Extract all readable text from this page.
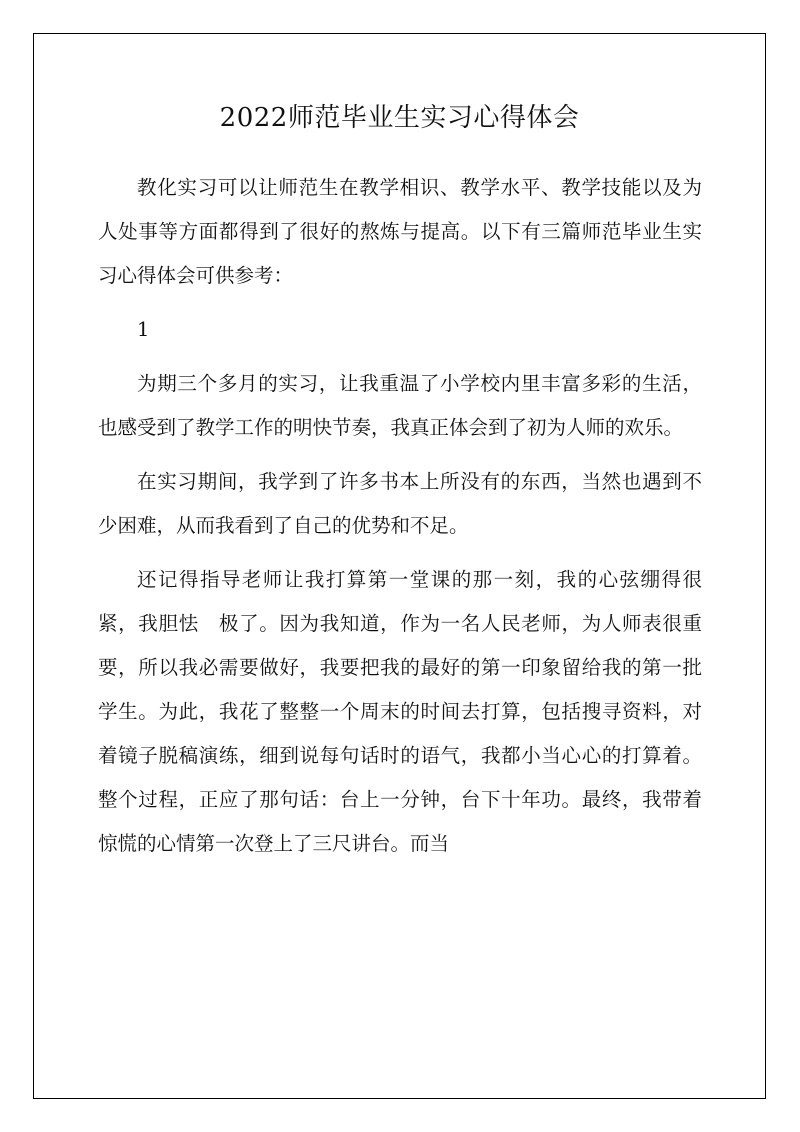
2022师范毕业生实习心得体会

教化实习可以让师范生在教学相识、教学水平、教学技能以及为人处事等方面都得到了很好的熬炼与提高。以下有三篇师范毕业生实习心得体会可供参考：

1

为期三个多月的实习，让我重温了小学校内里丰富多彩的生活，也感受到了教学工作的明快节奏，我真正体会到了初为人师的欢乐。

在实习期间，我学到了许多书本上所没有的东西，当然也遇到不少困难，从而我看到了自己的优势和不足。

还记得指导老师让我打算第一堂课的那一刻，我的心弦绷得很紧，我胆怯　极了。因为我知道，作为一名人民老师，为人师表很重要，所以我必需要做好，我要把我的最好的第一印象留给我的第一批学生。为此，我花了整整一个周末的时间去打算，包括搜寻资料，对着镜子脱稿演练，细到说每句话时的语气，我都小当心心的打算着。整个过程，正应了那句话：台上一分钟，台下十年功。最终，我带着惊慌的心情第一次登上了三尺讲台。而当
